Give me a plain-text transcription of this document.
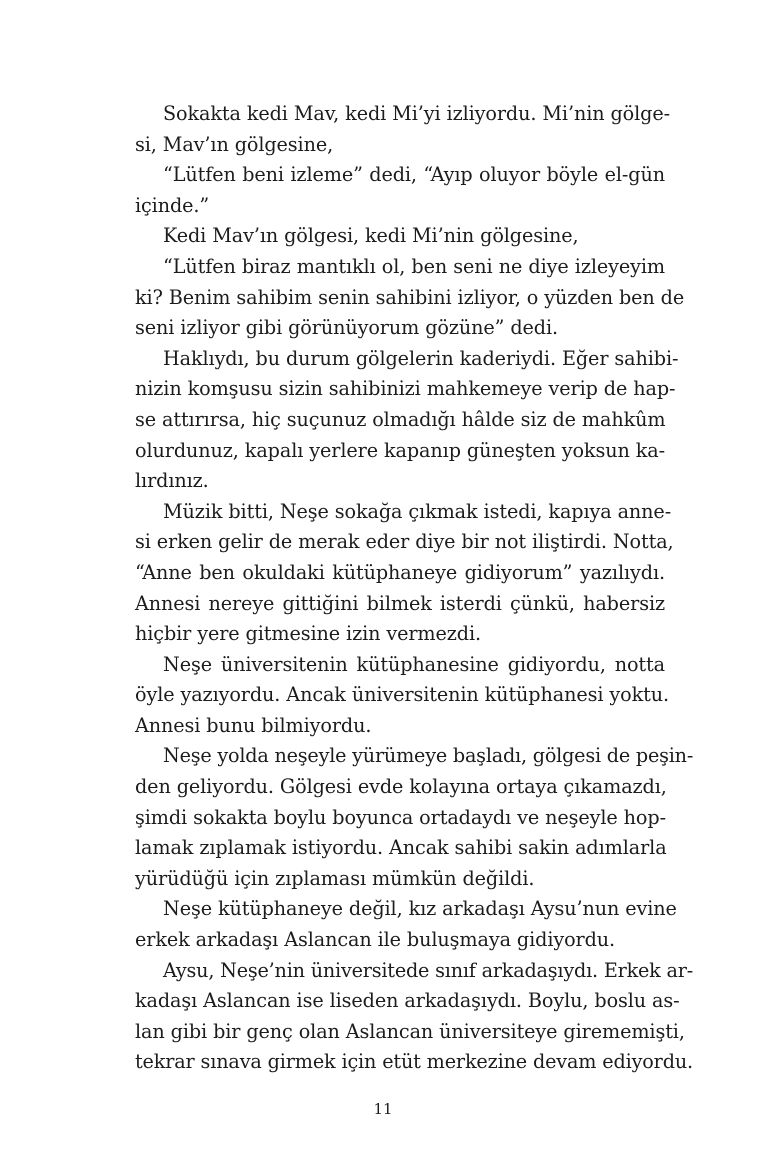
Sokakta kedi Mav, kedi Mi’yi izliyordu. Mi’nin gölge-
si, Mav’ın gölgesine,
“Lütfen beni izleme” dedi, “Ayıp oluyor böyle el-gün
içinde.”
Kedi Mav’ın gölgesi, kedi Mi’nin gölgesine,
“Lütfen biraz mantıklı ol, ben seni ne diye izleyeyim
ki? Benim sahibim senin sahibini izliyor, o yüzden ben de
seni izliyor gibi görünüyorum gözüne” dedi.
Haklıydı, bu durum gölgelerin kaderiydi. Eğer sahibi-
nizin komşusu sizin sahibinizi mahkemeye verip de hap-
se attırırsa, hiç suçunuz olmadığı hâlde siz de mahkûm
olurdunuz, kapalı yerlere kapanıp güneşten yoksun ka-
lırdınız.
Müzik bitti, Neşe sokağa çıkmak istedi, kapıya anne-
si erken gelir de merak eder diye bir not iliştirdi. Notta,
“Anne ben okuldaki kütüphaneye gidiyorum” yazılıydı.
Annesi nereye gittiğini bilmek isterdi çünkü, habersiz
hiçbir yere gitmesine izin vermezdi.
Neşe üniversitenin kütüphanesine gidiyordu, notta
öyle yazıyordu. Ancak üniversitenin kütüphanesi yoktu.
Annesi bunu bilmiyordu.
Neşe yolda neşeyle yürümeye başladı, gölgesi de peşin-
den geliyordu. Gölgesi evde kolayına ortaya çıkamazdı,
şimdi sokakta boylu boyunca ortadaydı ve neşeyle hop-
lamak zıplamak istiyordu. Ancak sahibi sakin adımlarla
yürüdüğü için zıplaması mümkün değildi.
Neşe kütüphaneye değil, kız arkadaşı Aysu’nun evine
erkek arkadaşı Aslancan ile buluşmaya gidiyordu.
Aysu, Neşe’nin üniversitede sınıf arkadaşıydı. Erkek ar-
kadaşı Aslancan ise liseden arkadaşıydı. Boylu, boslu as-
lan gibi bir genç olan Aslancan üniversiteye girememişti,
tekrar sınava girmek için etüt merkezine devam ediyordu.
11
